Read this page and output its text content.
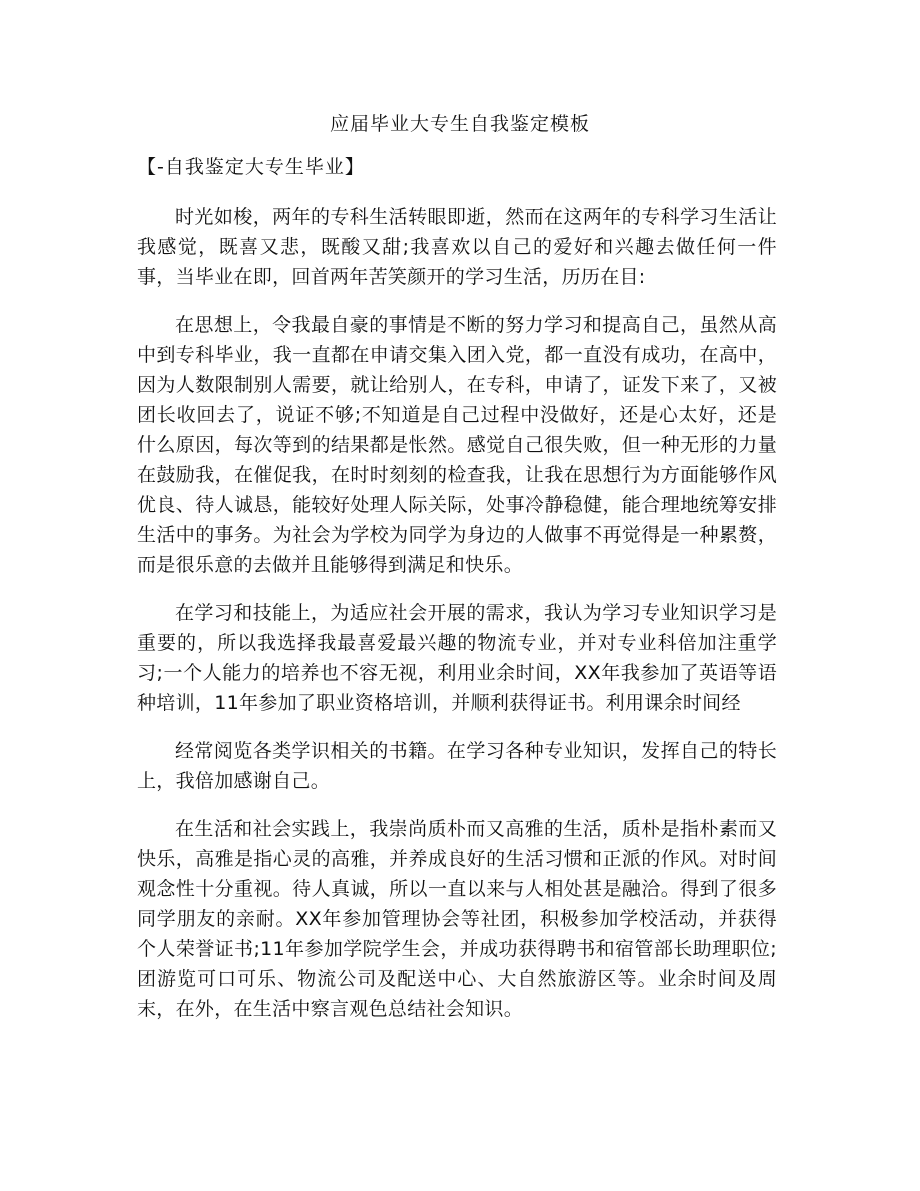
应届毕业大专生自我鉴定模板
【-自我鉴定大专生毕业】

时光如梭，两年的专科生活转眼即逝，然而在这两年的专科学习生活让我感觉，既喜又悲，既酸又甜;我喜欢以自己的爱好和兴趣去做任何一件事，当毕业在即，回首两年苦笑颜开的学习生活，历历在目:

在思想上，令我最自豪的事情是不断的努力学习和提高自己，虽然从高中到专科毕业，我一直都在申请交集入团入党，都一直没有成功，在高中，因为人数限制别人需要，就让给别人，在专科，申请了，证发下来了，又被团长收回去了，说证不够;不知道是自己过程中没做好，还是心太好，还是什么原因，每次等到的结果都是怅然。感觉自己很失败，但一种无形的力量在鼓励我，在催促我，在时时刻刻的检查我，让我在思想行为方面能够作风优良、待人诚恳，能较好处理人际关际，处事冷静稳健，能合理地统筹安排生活中的事务。为社会为学校为同学为身边的人做事不再觉得是一种累赘，而是很乐意的去做并且能够得到满足和快乐。

在学习和技能上，为适应社会开展的需求，我认为学习专业知识学习是重要的，所以我选择我最喜爱最兴趣的物流专业，并对专业科倍加注重学习;一个人能力的培养也不容无视，利用业余时间，XX年我参加了英语等语种培训，11年参加了职业资格培训，并顺利获得证书。利用课余时间经

经常阅览各类学识相关的书籍。在学习各种专业知识，发挥自己的特长上，我倍加感谢自己。

在生活和社会实践上，我崇尚质朴而又高雅的生活，质朴是指朴素而又快乐，高雅是指心灵的高雅，并养成良好的生活习惯和正派的作风。对时间观念性十分重视。待人真诚，所以一直以来与人相处甚是融洽。得到了很多同学朋友的亲耐。XX年参加管理协会等社团，积极参加学校活动，并获得个人荣誉证书;11年参加学院学生会，并成功获得聘书和宿管部长助理职位;团游览可口可乐、物流公司及配送中心、大自然旅游区等。业余时间及周末，在外，在生活中察言观色总结社会知识。
